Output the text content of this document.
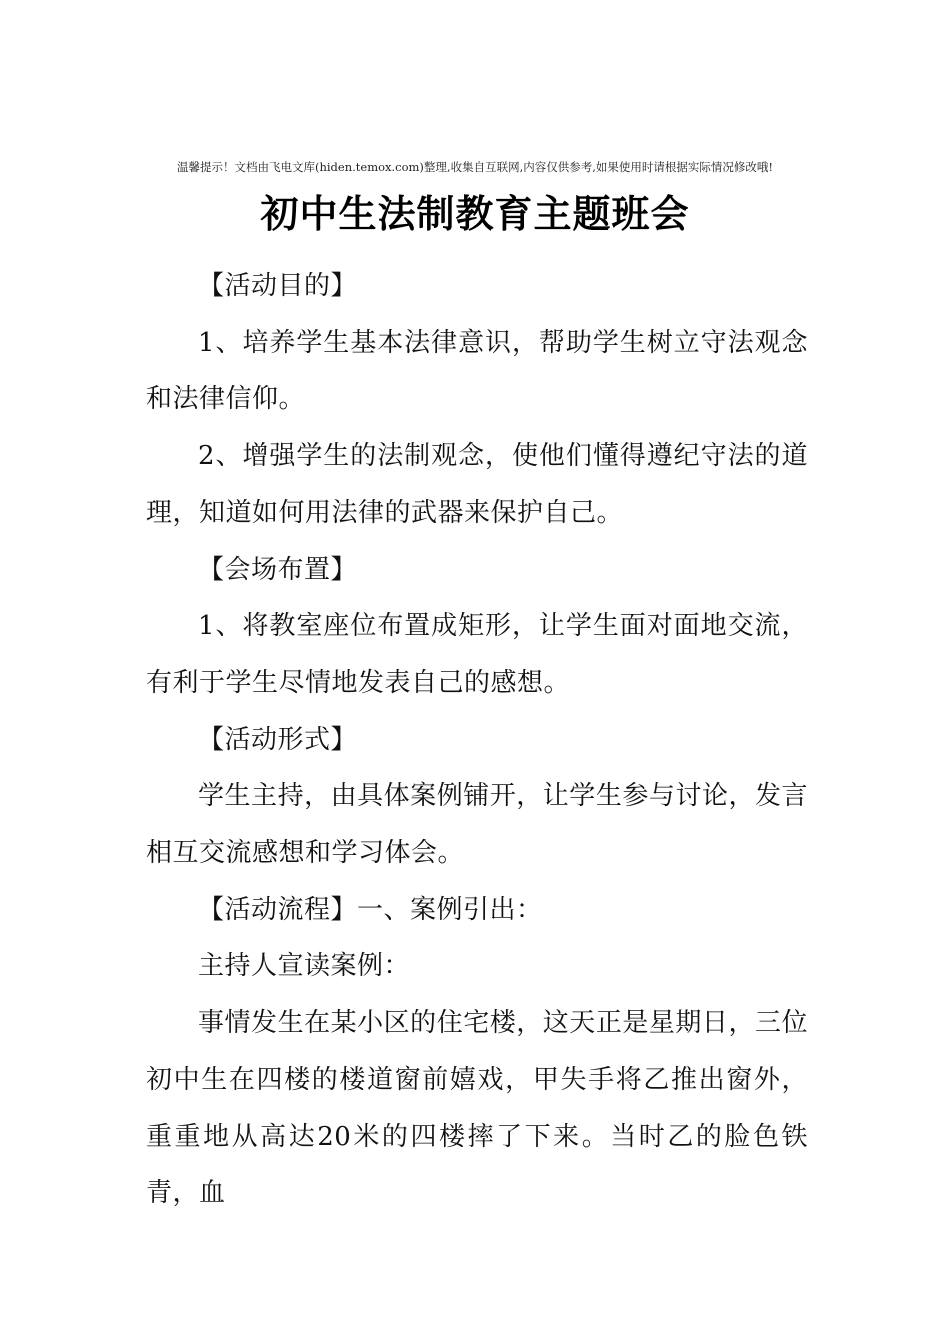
温馨提示！文档由飞电文库(hiden.temox.com)整理,收集自互联网,内容仅供参考,如果使用时请根据实际情况修改哦!
初中生法制教育主题班会

【活动目的】

1、培养学生基本法律意识，帮助学生树立守法观念和法律信仰。

2、增强学生的法制观念，使他们懂得遵纪守法的道理，知道如何用法律的武器来保护自己。

【会场布置】

1、将教室座位布置成矩形，让学生面对面地交流，有利于学生尽情地发表自己的感想。

【活动形式】

学生主持，由具体案例铺开，让学生参与讨论，发言相互交流感想和学习体会。

【活动流程】一、案例引出：

主持人宣读案例：

事情发生在某小区的住宅楼，这天正是星期日，三位初中生在四楼的楼道窗前嬉戏，甲失手将乙推出窗外，重重地从高达20米的四楼摔了下来。当时乙的脸色铁青，血
